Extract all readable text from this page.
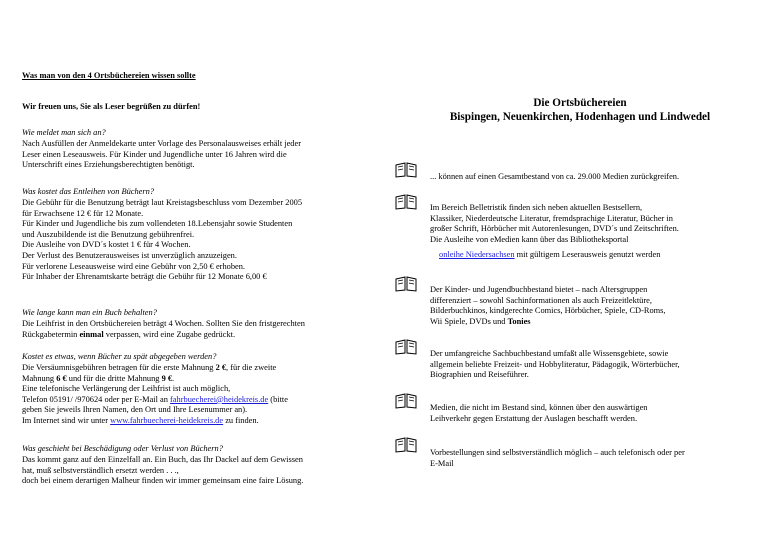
Was man von den 4 Ortsbüchereien wissen sollte

Wir freuen uns, Sie als Leser begrüßen zu dürfen!

Wie meldet man sich an?

Nach Ausfüllen der Anmeldekarte unter Vorlage des Personalausweises erhält jeder
Leser einen Leseausweis. Für Kinder und Jugendliche unter 16 Jahren wird die
Unterschrift eines Erziehungsberechtigten benötigt.

Was kostet das Entleihen von Büchern?

Die Gebühr für die Benutzung beträgt laut Kreistagsbeschluss vom Dezember 2005
für Erwachsene 12 € für 12 Monate.
Für Kinder und Jugendliche bis zum vollendeten 18.Lebensjahr sowie Studenten
und Auszubildende ist die Benutzung gebührenfrei.
Die Ausleihe von DVD´s kostet 1 € für 4 Wochen.
Der Verlust des Benutzerausweises ist unverzüglich anzuzeigen.
Für verlorene Leseausweise wird eine Gebühr von 2,50 € erhoben.
Für Inhaber der Ehrenamtskarte beträgt die Gebühr für 12 Monate 6,00 €

Wie lange kann man ein Buch behalten?

Die Leihfrist in den Ortsbüchereien beträgt 4 Wochen. Sollten Sie den fristgerechten
Rückgabetermin einmal verpassen, wird eine Zugabe gedrückt.

Kostet es etwas, wenn Bücher zu spät abgegeben werden?

Die Versäumnisgebühren betragen für die erste Mahnung 2 €, für die zweite
Mahnung 6 € und für die dritte Mahnung 9 €.
Eine telefonische Verlängerung der Leihfrist ist auch möglich,
Telefon 05191/ /970624 oder per E-Mail an fahrbuecherei@heidekreis.de (bitte
geben Sie jeweils Ihren Namen, den Ort und Ihre Lesenummer an).
Im Internet sind wir unter www.fahrbuecherei-heidekreis.de zu finden.

Was geschieht bei Beschädigung oder Verlust von Büchern?

Das kommt ganz auf den Einzelfall an. Ein Buch, das Ihr Dackel auf dem Gewissen
hat, muß selbstverständlich ersetzt werden . . .,
doch bei einem derartigen Malheur finden wir immer gemeinsam eine faire Lösung.

Die Ortsbüchereien
Bispingen, Neuenkirchen, Hodenhagen und Lindwedel

... können auf einen Gesamtbestand von ca. 29.000 Medien zurückgreifen.

Im Bereich Belletristik finden sich neben aktuellen Bestsellern,
Klassiker, Niederdeutsche Literatur, fremdsprachige Literatur, Bücher in
großer Schrift, Hörbücher mit Autorenlesungen, DVD´s und Zeitschriften.
Die Ausleihe von eMedien kann über das Bibliotheksportal

onleihe Niedersachsen mit gültigem Leserausweis genutzt werden

Der Kinder- und Jugendbuchbestand bietet – nach Altersgruppen
differenziert – sowohl Sachinformationen als auch Freizeitlektüre,
Bilderbuchkinos, kindgerechte Comics, Hörbücher, Spiele, CD-Roms,
Wii Spiele, DVDs und Tonies

Der umfangreiche Sachbuchbestand umfaßt alle Wissensgebiete, sowie
allgemein beliebte Freizeit- und Hobbyliteratur, Pädagogik, Wörterbücher,
Biographien und Reiseführer.

Medien, die nicht im Bestand sind, können über den auswärtigen
Leihverkehr gegen Erstattung der Auslagen beschafft werden.

Vorbestellungen sind selbstverständlich möglich – auch telefonisch oder per
E-Mail
